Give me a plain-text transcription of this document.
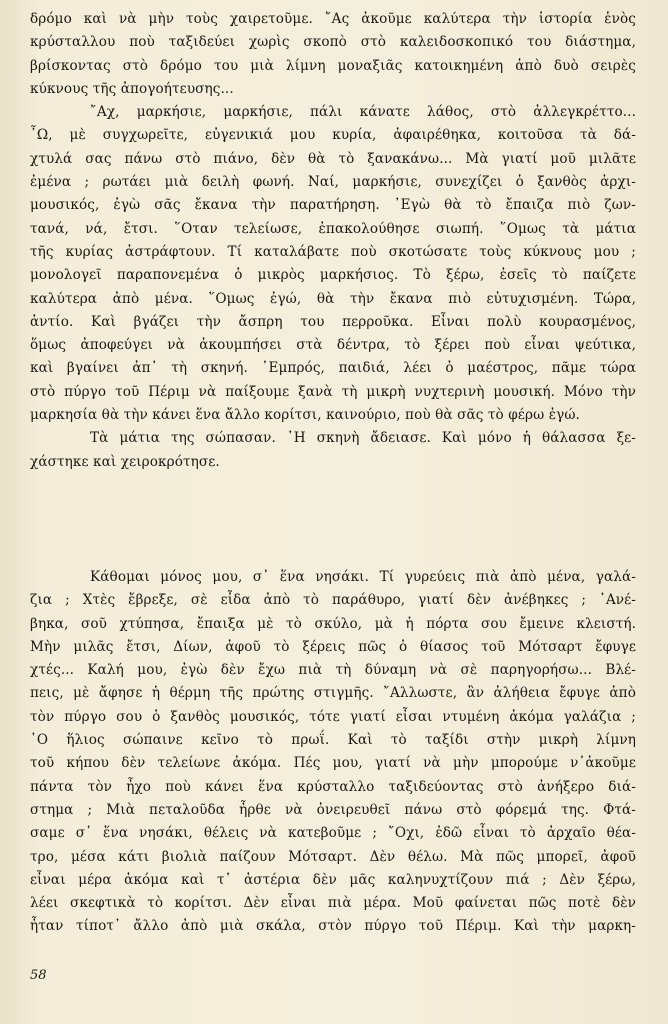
δρόμο καὶ νὰ μὴν τοὺς χαιρετοῦμε. ῎Ας ἀκοῦμε καλύτερα τὴν ἱστορία ἑνὸς
κρύσταλλου ποὺ ταξιδεύει χωρὶς σκοπὸ στὸ καλειδοσκοπικό του διάστημα,
βρίσκοντας στὸ δρόμο του μιὰ λίμνη μοναξιᾶς κατοικημένη ἀπὸ δυὸ σειρὲς
κύκνους τῆς ἀπογοήτευσης...
῎Αχ, μαρκήσιε, μαρκήσιε, πάλι κάνατε λάθος, στὸ ἀλλεγκρέττο...
῏Ω, μὲ συγχωρεῖτε, εὐγενικιά μου κυρία, ἀφαιρέθηκα, κοιτοῦσα τὰ δά-
χτυλά σας πάνω στὸ πιάνο, δὲν θὰ τὸ ξανακάνω... Μὰ γιατί μοῦ μιλᾶτε
ἐμένα ; ρωτάει μιὰ δειλὴ φωνή. Ναί, μαρκήσιε, συνεχίζει ὁ ξανθὸς ἀρχι-
μουσικός, ἐγὼ σᾶς ἔκανα τὴν παρατήρηση. ᾿Εγὼ θὰ τὸ ἔπαιζα πιὸ ζων-
τανά, νά, ἔτσι. ῞Οταν τελείωσε, ἐπακολούθησε σιωπή. ῞Ομως τὰ μάτια
τῆς κυρίας ἀστράφτουν. Τί καταλάβατε ποὺ σκοτώσατε τοὺς κύκνους μου ;
μονολογεῖ παραπονεμένα ὁ μικρὸς μαρκήσιος. Τὸ ξέρω, ἐσεῖς τὸ παίζετε
καλύτερα ἀπὸ μένα. ῞Ομως ἐγώ, θὰ τὴν ἔκανα πιὸ εὐτυχισμένη. Τώρα,
ἀντίο. Καὶ βγάζει τὴν ἄσπρη του περροῦκα. Εἶναι πολὺ κουρασμένος,
ὅμως ἀποφεύγει νὰ ἀκουμπήσει στὰ δέντρα, τὸ ξέρει ποὺ εἶναι ψεύτικα,
καὶ βγαίνει ἀπ᾿ τὴ σκηνή. ᾿Εμπρός, παιδιά, λέει ὁ μαέστρος, πᾶμε τώρα
στὸ πύργο τοῦ Πέριμ νὰ παίξουμε ξανὰ τὴ μικρὴ νυχτερινὴ μουσική. Μόνο τὴν
μαρκησία θὰ τὴν κάνει ἕνα ἄλλο κορίτσι, καινούριο, ποὺ θὰ σᾶς τὸ φέρω ἐγώ.
Τὰ μάτια της σώπασαν. ῾Η σκηνὴ ἄδειασε. Καὶ μόνο ἡ θάλασσα ξε-
χάστηκε καὶ χειροκρότησε.
Κάθομαι μόνος μου, σ᾿ ἕνα νησάκι. Τί γυρεύεις πιὰ ἀπὸ μένα, γαλά-
ζια ; Χτὲς ἔβρεξε, σὲ εἶδα ἀπὸ τὸ παράθυρο, γιατί δὲν ἀνέβηκες ; ᾿Ανέ-
βηκα, σοῦ χτύπησα, ἔπαιξα μὲ τὸ σκύλο, μὰ ἡ πόρτα σου ἔμεινε κλειστή.
Μὴν μιλᾶς ἔτσι, Δίων, ἀφοῦ τὸ ξέρεις πῶς ὁ θίασος τοῦ Μότσαρτ ἔφυγε
χτές... Καλή μου, ἐγὼ δὲν ἔχω πιὰ τὴ δύναμη νὰ σὲ παρηγορήσω... Βλέ-
πεις, μὲ ἄφησε ἡ θέρμη τῆς πρώτης στιγμῆς. ῎Αλλωστε, ἂν ἀλήθεια ἔφυγε ἀπὸ
τὸν πύργο σου ὁ ξανθὸς μουσικός, τότε γιατί εἶσαι ντυμένη ἀκόμα γαλάζια ;
῾Ο ἥλιος σώπαινε κεῖνο τὸ πρωΐ. Καὶ τὸ ταξίδι στὴν μικρὴ λίμνη
τοῦ κήπου δὲν τελείωνε ἀκόμα. Πές μου, γιατί νὰ μὴν μπορούμε ν᾿ἀκοῦμε
πάντα τὸν ἦχο ποὺ κάνει ἕνα κρύσταλλο ταξιδεύοντας στὸ ἀνήξερο διά-
στημα ; Μιὰ πεταλοῦδα ἦρθε νὰ ὀνειρευθεῖ πάνω στὸ φόρεμά της. Φτά-
σαμε σ᾿ ἕνα νησάκι, θέλεις νὰ κατεβοῦμε ; ῎Οχι, ἐδῶ εἶναι τὸ ἀρχαῖο θέα-
τρο, μέσα κάτι βιολιὰ παίζουν Μότσαρτ. Δὲν θέλω. Μὰ πῶς μπορεῖ, ἀφοῦ
εἶναι μέρα ἀκόμα καὶ τ᾿ ἀστέρια δὲν μᾶς καληνυχτίζουν πιά ; Δὲν ξέρω,
λέει σκεφτικὰ τὸ κορίτσι. Δὲν εἶναι πιὰ μέρα. Μοῦ φαίνεται πῶς ποτὲ δὲν
ἦταν τίποτ᾿ ἄλλο ἀπὸ μιὰ σκάλα, στὸν πύργο τοῦ Πέριμ. Καὶ τὴν μαρκη-
58
